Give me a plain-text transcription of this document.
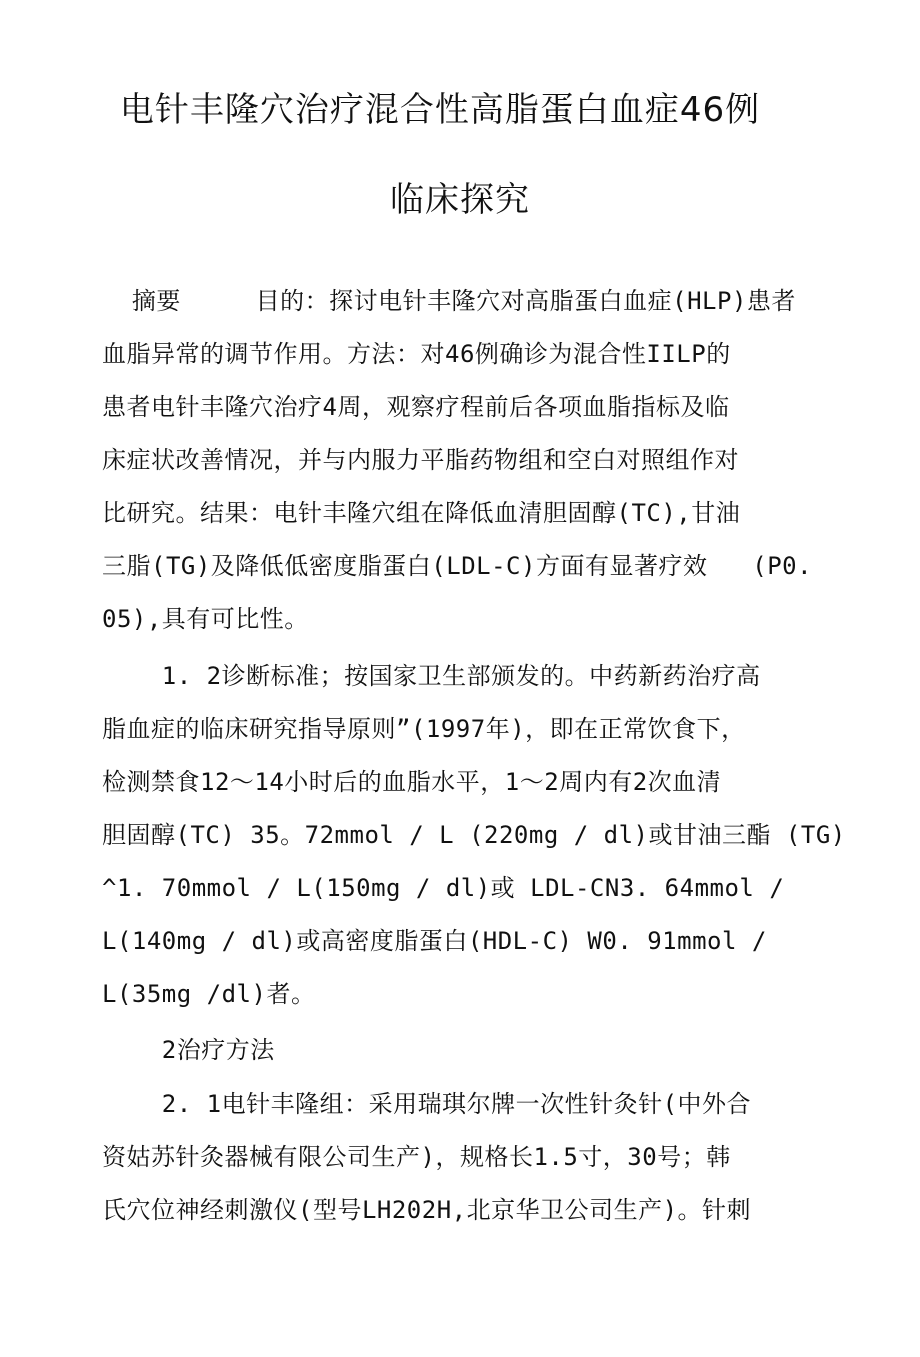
电针丰隆穴治疗混合性高脂蛋白血症46例
临床探究
摘要     目的：探讨电针丰隆穴对高脂蛋白血症(HLP)患者
血脂异常的调节作用。方法：对46例确诊为混合性IILP的
患者电针丰隆穴治疗4周，观察疗程前后各项血脂指标及临
床症状改善情况，并与内服力平脂药物组和空白对照组作对
比研究。结果：电针丰隆穴组在降低血清胆固醇(TC),甘油
三脂(TG)及降低低密度脂蛋白(LDL-C)方面有显著疗效   (P0.
05),具有可比性。
1. 2诊断标准；按国家卫生部颁发的。中药新药治疗高
脂血症的临床研究指导原则”(1997年)，即在正常饮食下，
检测禁食12～14小时后的血脂水平，1～2周内有2次血清
胆固醇(TC) 35。72mmol / L (220mg / dl)或甘油三酯 (TG)
^1. 70mmol / L(150mg / dl)或 LDL-CN3. 64mmol /
L(140mg / dl)或高密度脂蛋白(HDL-C) W0. 91mmol /
L(35mg /dl)者。
2治疗方法
2. 1电针丰隆组：采用瑞琪尔牌一次性针灸针(中外合
资姑苏针灸器械有限公司生产)，规格长1.5寸，30号；韩
氏穴位神经刺激仪(型号LH202H,北京华卫公司生产)。针刺
